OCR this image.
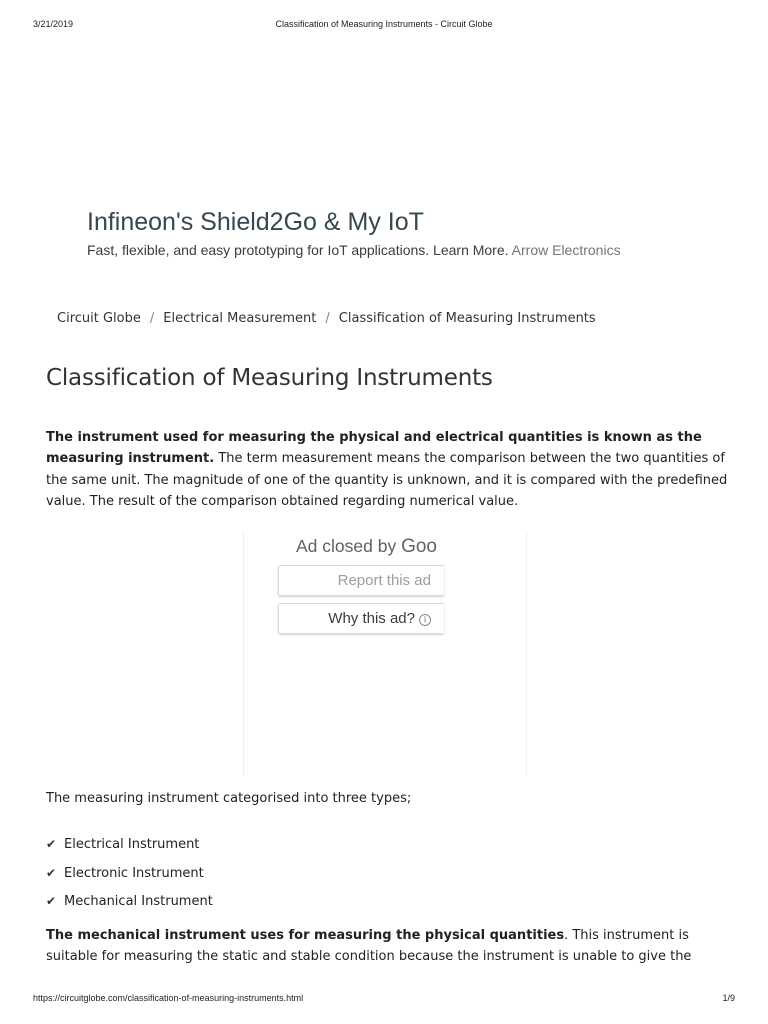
3/21/2019	Classification of Measuring Instruments - Circuit Globe
Infineon's Shield2Go & My IoT
Fast, flexible, and easy prototyping for IoT applications. Learn More. Arrow Electronics
Circuit Globe / Electrical Measurement / Classification of Measuring Instruments
Classification of Measuring Instruments

The instrument used for measuring the physical and electrical quantities is known as the measuring instrument. The term measurement means the comparison between the two quantities of the same unit. The magnitude of one of the quantity is unknown, and it is compared with the predefined value. The result of the comparison obtained regarding numerical value.

Ad closed by Goo
Report this ad
Why this ad? i

The measuring instrument categorised into three types;

✔ Electrical Instrument
✔ Electronic Instrument
✔ Mechanical Instrument

The mechanical instrument uses for measuring the physical quantities. This instrument is suitable for measuring the static and stable condition because the instrument is unable to give the

https://circuitglobe.com/classification-of-measuring-instruments.html	1/9
